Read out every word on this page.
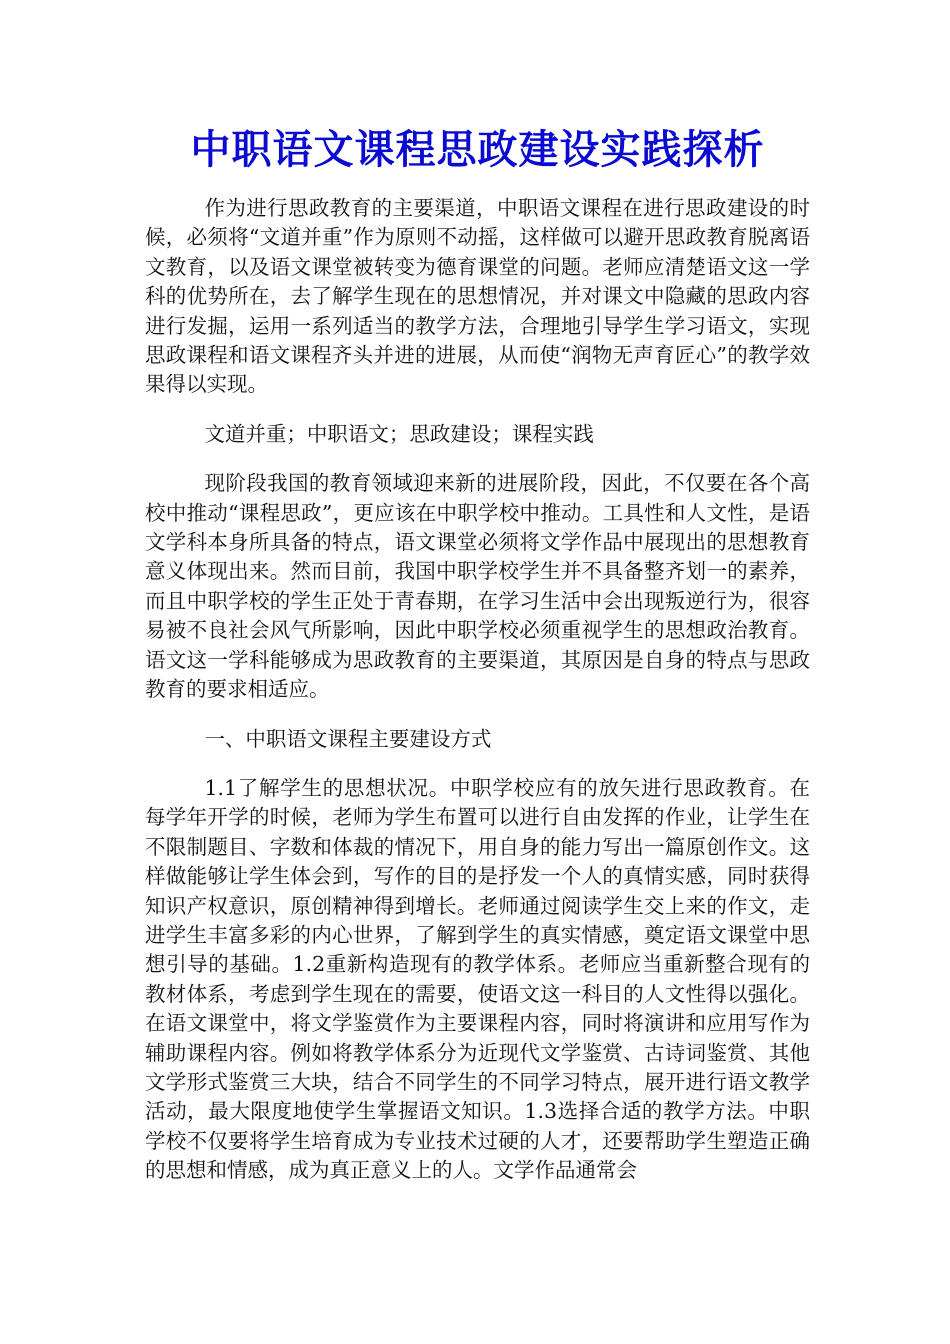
中职语文课程思政建设实践探析

作为进行思政教育的主要渠道，中职语文课程在进行思政建设的时候，必须将“文道并重”作为原则不动摇，这样做可以避开思政教育脱离语文教育，以及语文课堂被转变为德育课堂的问题。老师应清楚语文这一学科的优势所在，去了解学生现在的思想情况，并对课文中隐藏的思政内容进行发掘，运用一系列适当的教学方法，合理地引导学生学习语文，实现思政课程和语文课程齐头并进的进展，从而使“润物无声育匠心”的教学效果得以实现。

文道并重；中职语文；思政建设；课程实践

现阶段我国的教育领域迎来新的进展阶段，因此，不仅要在各个高校中推动“课程思政”，更应该在中职学校中推动。工具性和人文性，是语文学科本身所具备的特点，语文课堂必须将文学作品中展现出的思想教育意义体现出来。然而目前，我国中职学校学生并不具备整齐划一的素养，而且中职学校的学生正处于青春期，在学习生活中会出现叛逆行为，很容易被不良社会风气所影响，因此中职学校必须重视学生的思想政治教育。语文这一学科能够成为思政教育的主要渠道，其原因是自身的特点与思政教育的要求相适应。

一、中职语文课程主要建设方式

1.1了解学生的思想状况。中职学校应有的放矢进行思政教育。在每学年开学的时候，老师为学生布置可以进行自由发挥的作业，让学生在不限制题目、字数和体裁的情况下，用自身的能力写出一篇原创作文。这样做能够让学生体会到，写作的目的是抒发一个人的真情实感，同时获得知识产权意识，原创精神得到增长。老师通过阅读学生交上来的作文，走进学生丰富多彩的内心世界，了解到学生的真实情感，奠定语文课堂中思想引导的基础。1.2重新构造现有的教学体系。老师应当重新整合现有的教材体系，考虑到学生现在的需要，使语文这一科目的人文性得以强化。在语文课堂中，将文学鉴赏作为主要课程内容，同时将演讲和应用写作为辅助课程内容。例如将教学体系分为近现代文学鉴赏、古诗词鉴赏、其他文学形式鉴赏三大块，结合不同学生的不同学习特点，展开进行语文教学活动，最大限度地使学生掌握语文知识。1.3选择合适的教学方法。中职学校不仅要将学生培育成为专业技术过硬的人才，还要帮助学生塑造正确的思想和情感，成为真正意义上的人。文学作品通常会
